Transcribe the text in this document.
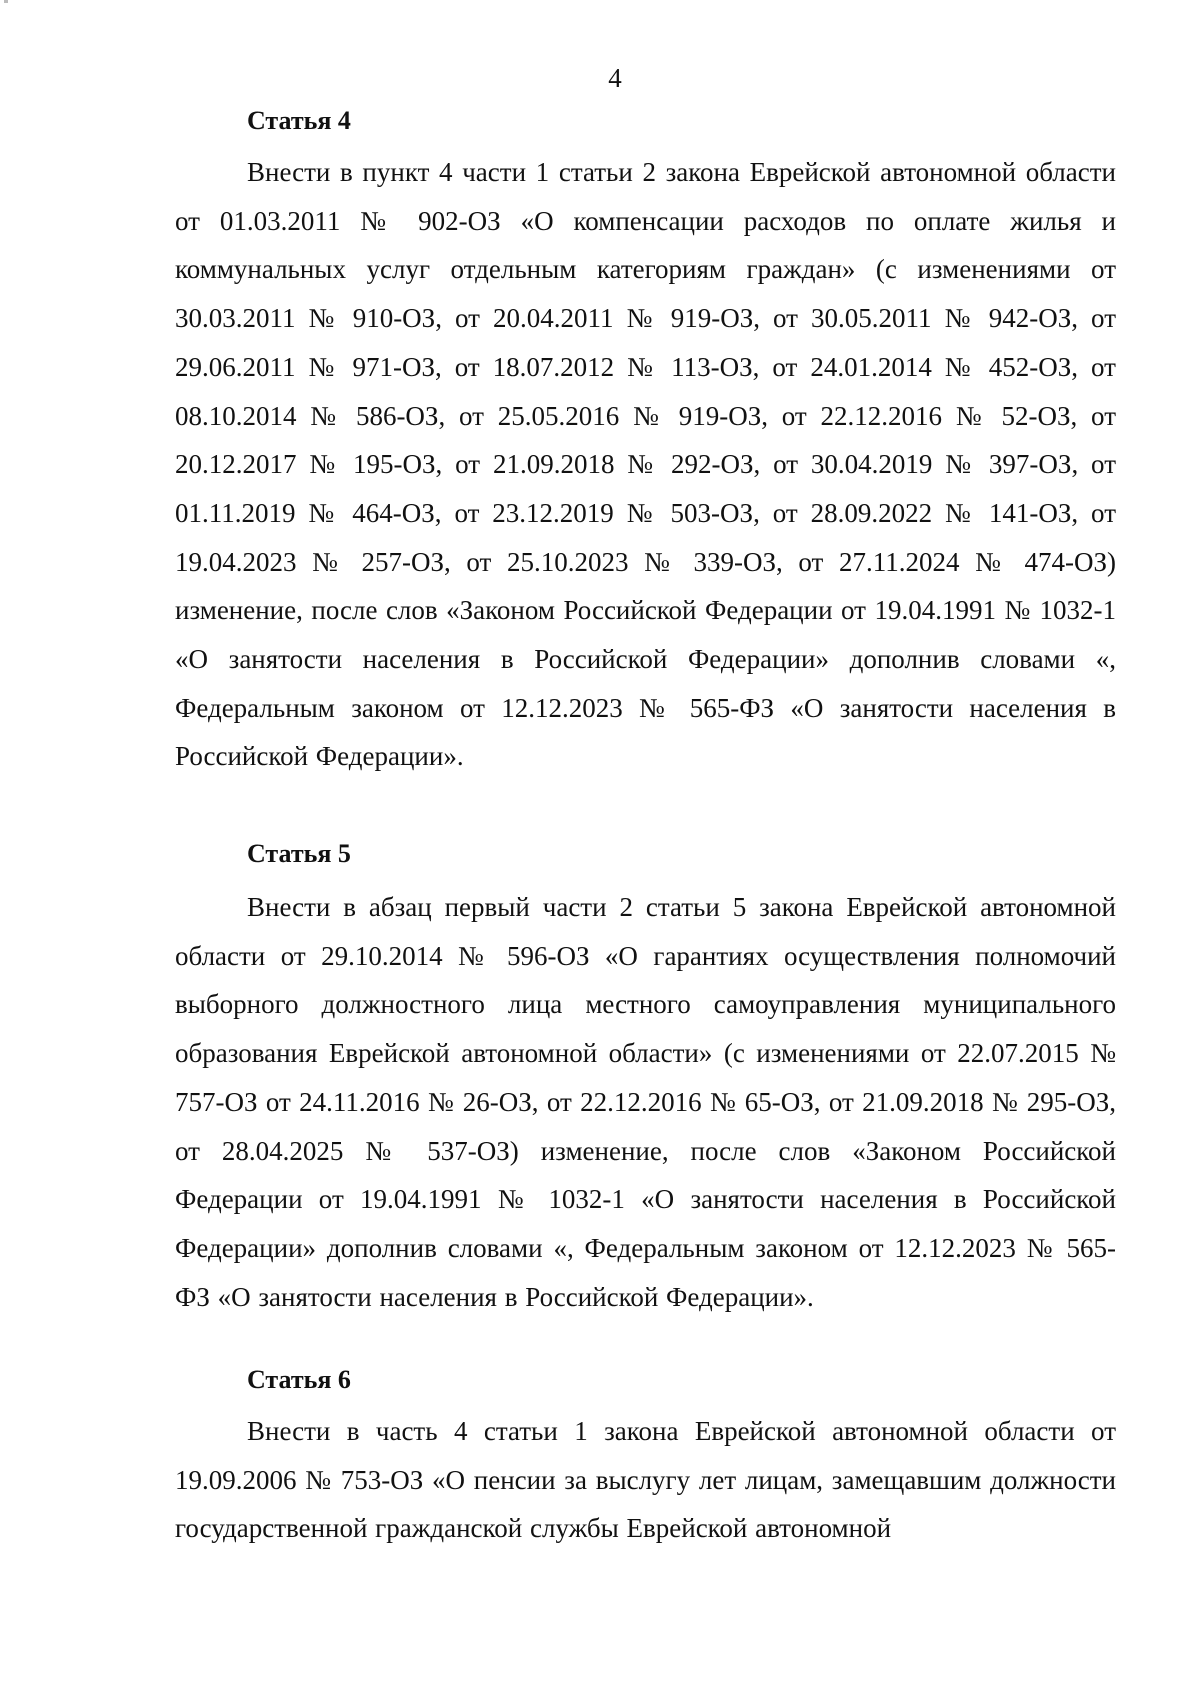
4
Статья 4

Внести в пункт 4 части 1 статьи 2 закона Еврейской автономной области от 01.03.2011 № 902-ОЗ «О компенсации расходов по оплате жилья и коммунальных услуг отдельным категориям граждан» (с изменениями от 30.03.2011 № 910-ОЗ, от 20.04.2011 № 919-ОЗ, от 30.05.2011 № 942-ОЗ, от 29.06.2011 № 971-ОЗ, от 18.07.2012 № 113-ОЗ, от 24.01.2014 № 452-ОЗ, от 08.10.2014 № 586-ОЗ, от 25.05.2016 № 919-ОЗ, от 22.12.2016 № 52-ОЗ, от 20.12.2017 № 195-ОЗ, от 21.09.2018 № 292-ОЗ, от 30.04.2019 № 397-ОЗ, от 01.11.2019 № 464-ОЗ, от 23.12.2019 № 503-ОЗ, от 28.09.2022 № 141-ОЗ, от 19.04.2023 № 257-ОЗ, от 25.10.2023 № 339-ОЗ, от 27.11.2024 № 474-ОЗ) изменение, после слов «Законом Российской Федерации от 19.04.1991 № 1032-1 «О занятости населения в Российской Федерации» дополнив словами «, Федеральным законом от 12.12.2023 № 565-ФЗ «О занятости населения в Российской Федерации».

Статья 5

Внести в абзац первый части 2 статьи 5 закона Еврейской автономной области от 29.10.2014 № 596-ОЗ «О гарантиях осуществления полномочий выборного должностного лица местного самоуправления муниципального образования Еврейской автономной области» (с изменениями от 22.07.2015 № 757-ОЗ от 24.11.2016 № 26-ОЗ, от 22.12.2016 № 65-ОЗ, от 21.09.2018 № 295-ОЗ, от 28.04.2025 № 537-ОЗ) изменение, после слов «Законом Российской Федерации от 19.04.1991 № 1032-1 «О занятости населения в Российской Федерации» дополнив словами «, Федеральным законом от 12.12.2023 № 565-ФЗ «О занятости населения в Российской Федерации».

Статья 6

Внести в часть 4 статьи 1 закона Еврейской автономной области от 19.09.2006 № 753-ОЗ «О пенсии за выслугу лет лицам, замещавшим должности государственной гражданской службы Еврейской автономной
